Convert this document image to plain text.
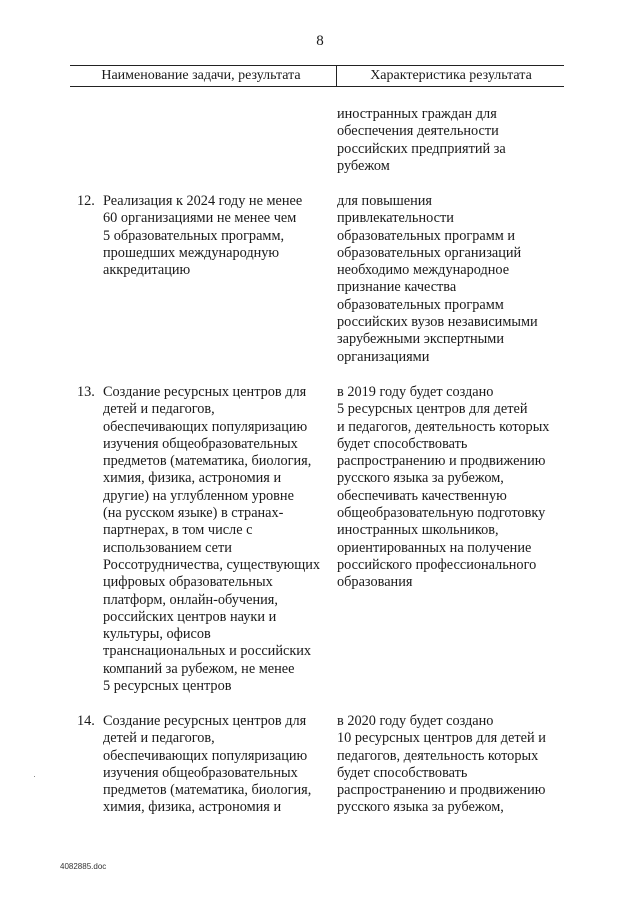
8
Наименование задачи, результата	Характеристика результата
иностранных граждан для
обеспечения деятельности
российских предприятий за
рубежом
12. Реализация к 2024 году не менее
60 организациями не менее чем
5 образовательных программ,
прошедших международную
аккредитацию
для повышения
привлекательности
образовательных программ и
образовательных организаций
необходимо международное
признание качества
образовательных программ
российских вузов независимыми
зарубежными экспертными
организациями
13. Создание ресурсных центров для
детей и педагогов,
обеспечивающих популяризацию
изучения общеобразовательных
предметов (математика, биология,
химия, физика, астрономия и
другие) на углубленном уровне
(на русском языке) в странах-
партнерах, в том числе с
использованием сети
Россотрудничества, существующих
цифровых образовательных
платформ, онлайн-обучения,
российских центров науки и
культуры, офисов
транснациональных и российских
компаний за рубежом, не менее
5 ресурсных центров
в 2019 году будет создано
5 ресурсных центров для детей
и педагогов, деятельность которых
будет способствовать
распространению и продвижению
русского языка за рубежом,
обеспечивать качественную
общеобразовательную подготовку
иностранных школьников,
ориентированных на получение
российского профессионального
образования
14. Создание ресурсных центров для
детей и педагогов,
обеспечивающих популяризацию
изучения общеобразовательных
предметов (математика, биология,
химия, физика, астрономия и
в 2020 году будет создано
10 ресурсных центров для детей и
педагогов, деятельность которых
будет способствовать
распространению и продвижению
русского языка за рубежом,
4082885.doc
